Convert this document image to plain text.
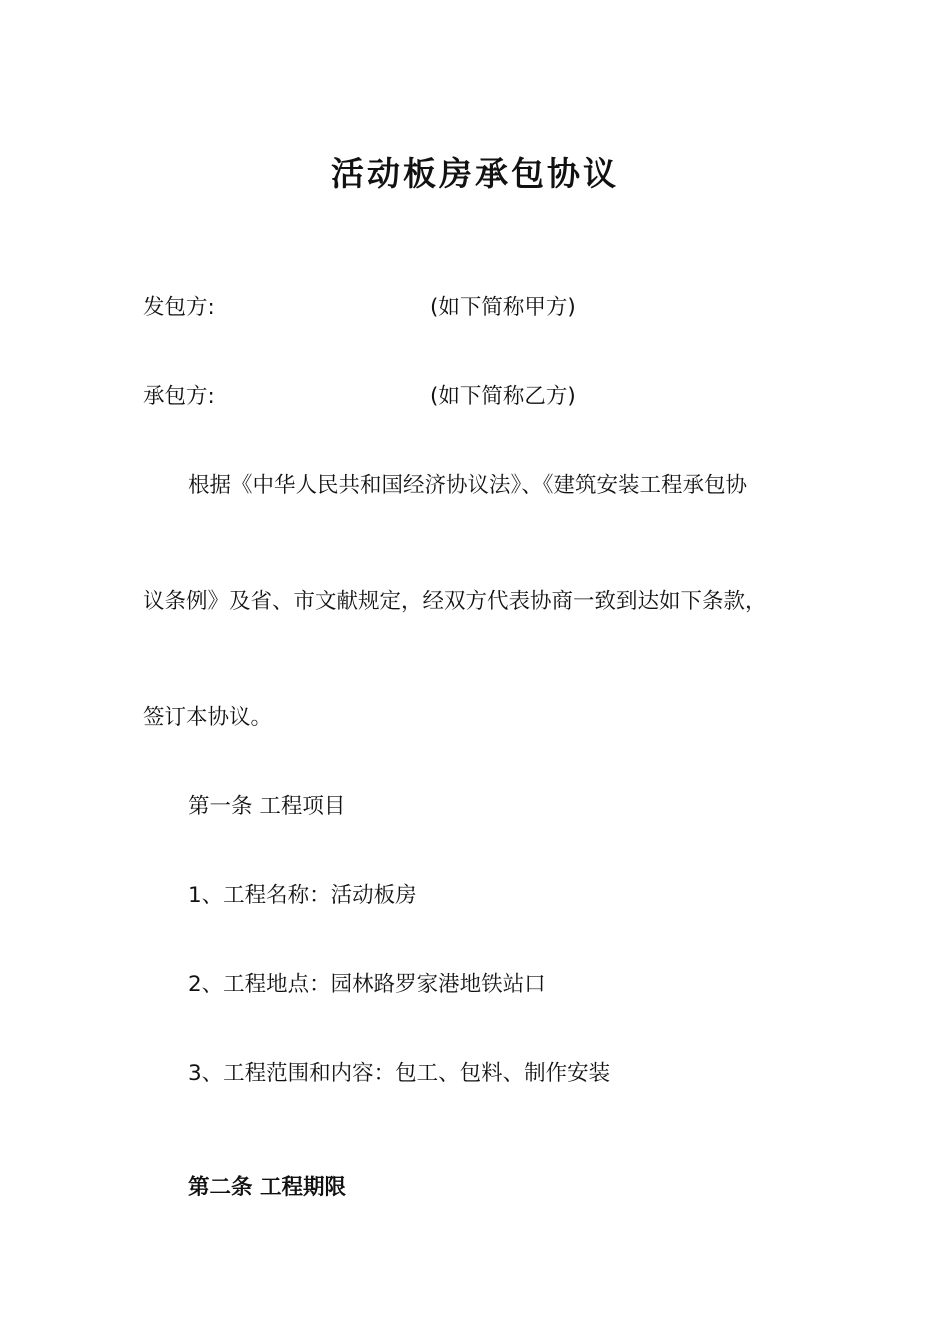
活动板房承包协议
发包方:	(如下简称甲方)
承包方:	(如下简称乙方)
根据《中华人民共和国经济协议法》、《建筑安装工程承包协
议条例》及省、市文献规定，经双方代表协商一致到达如下条款，
签订本协议。
第一条 工程项目
1、工程名称：活动板房
2、工程地点：园林路罗家港地铁站口
3、工程范围和内容：包工、包料、制作安装
第二条 工程期限
